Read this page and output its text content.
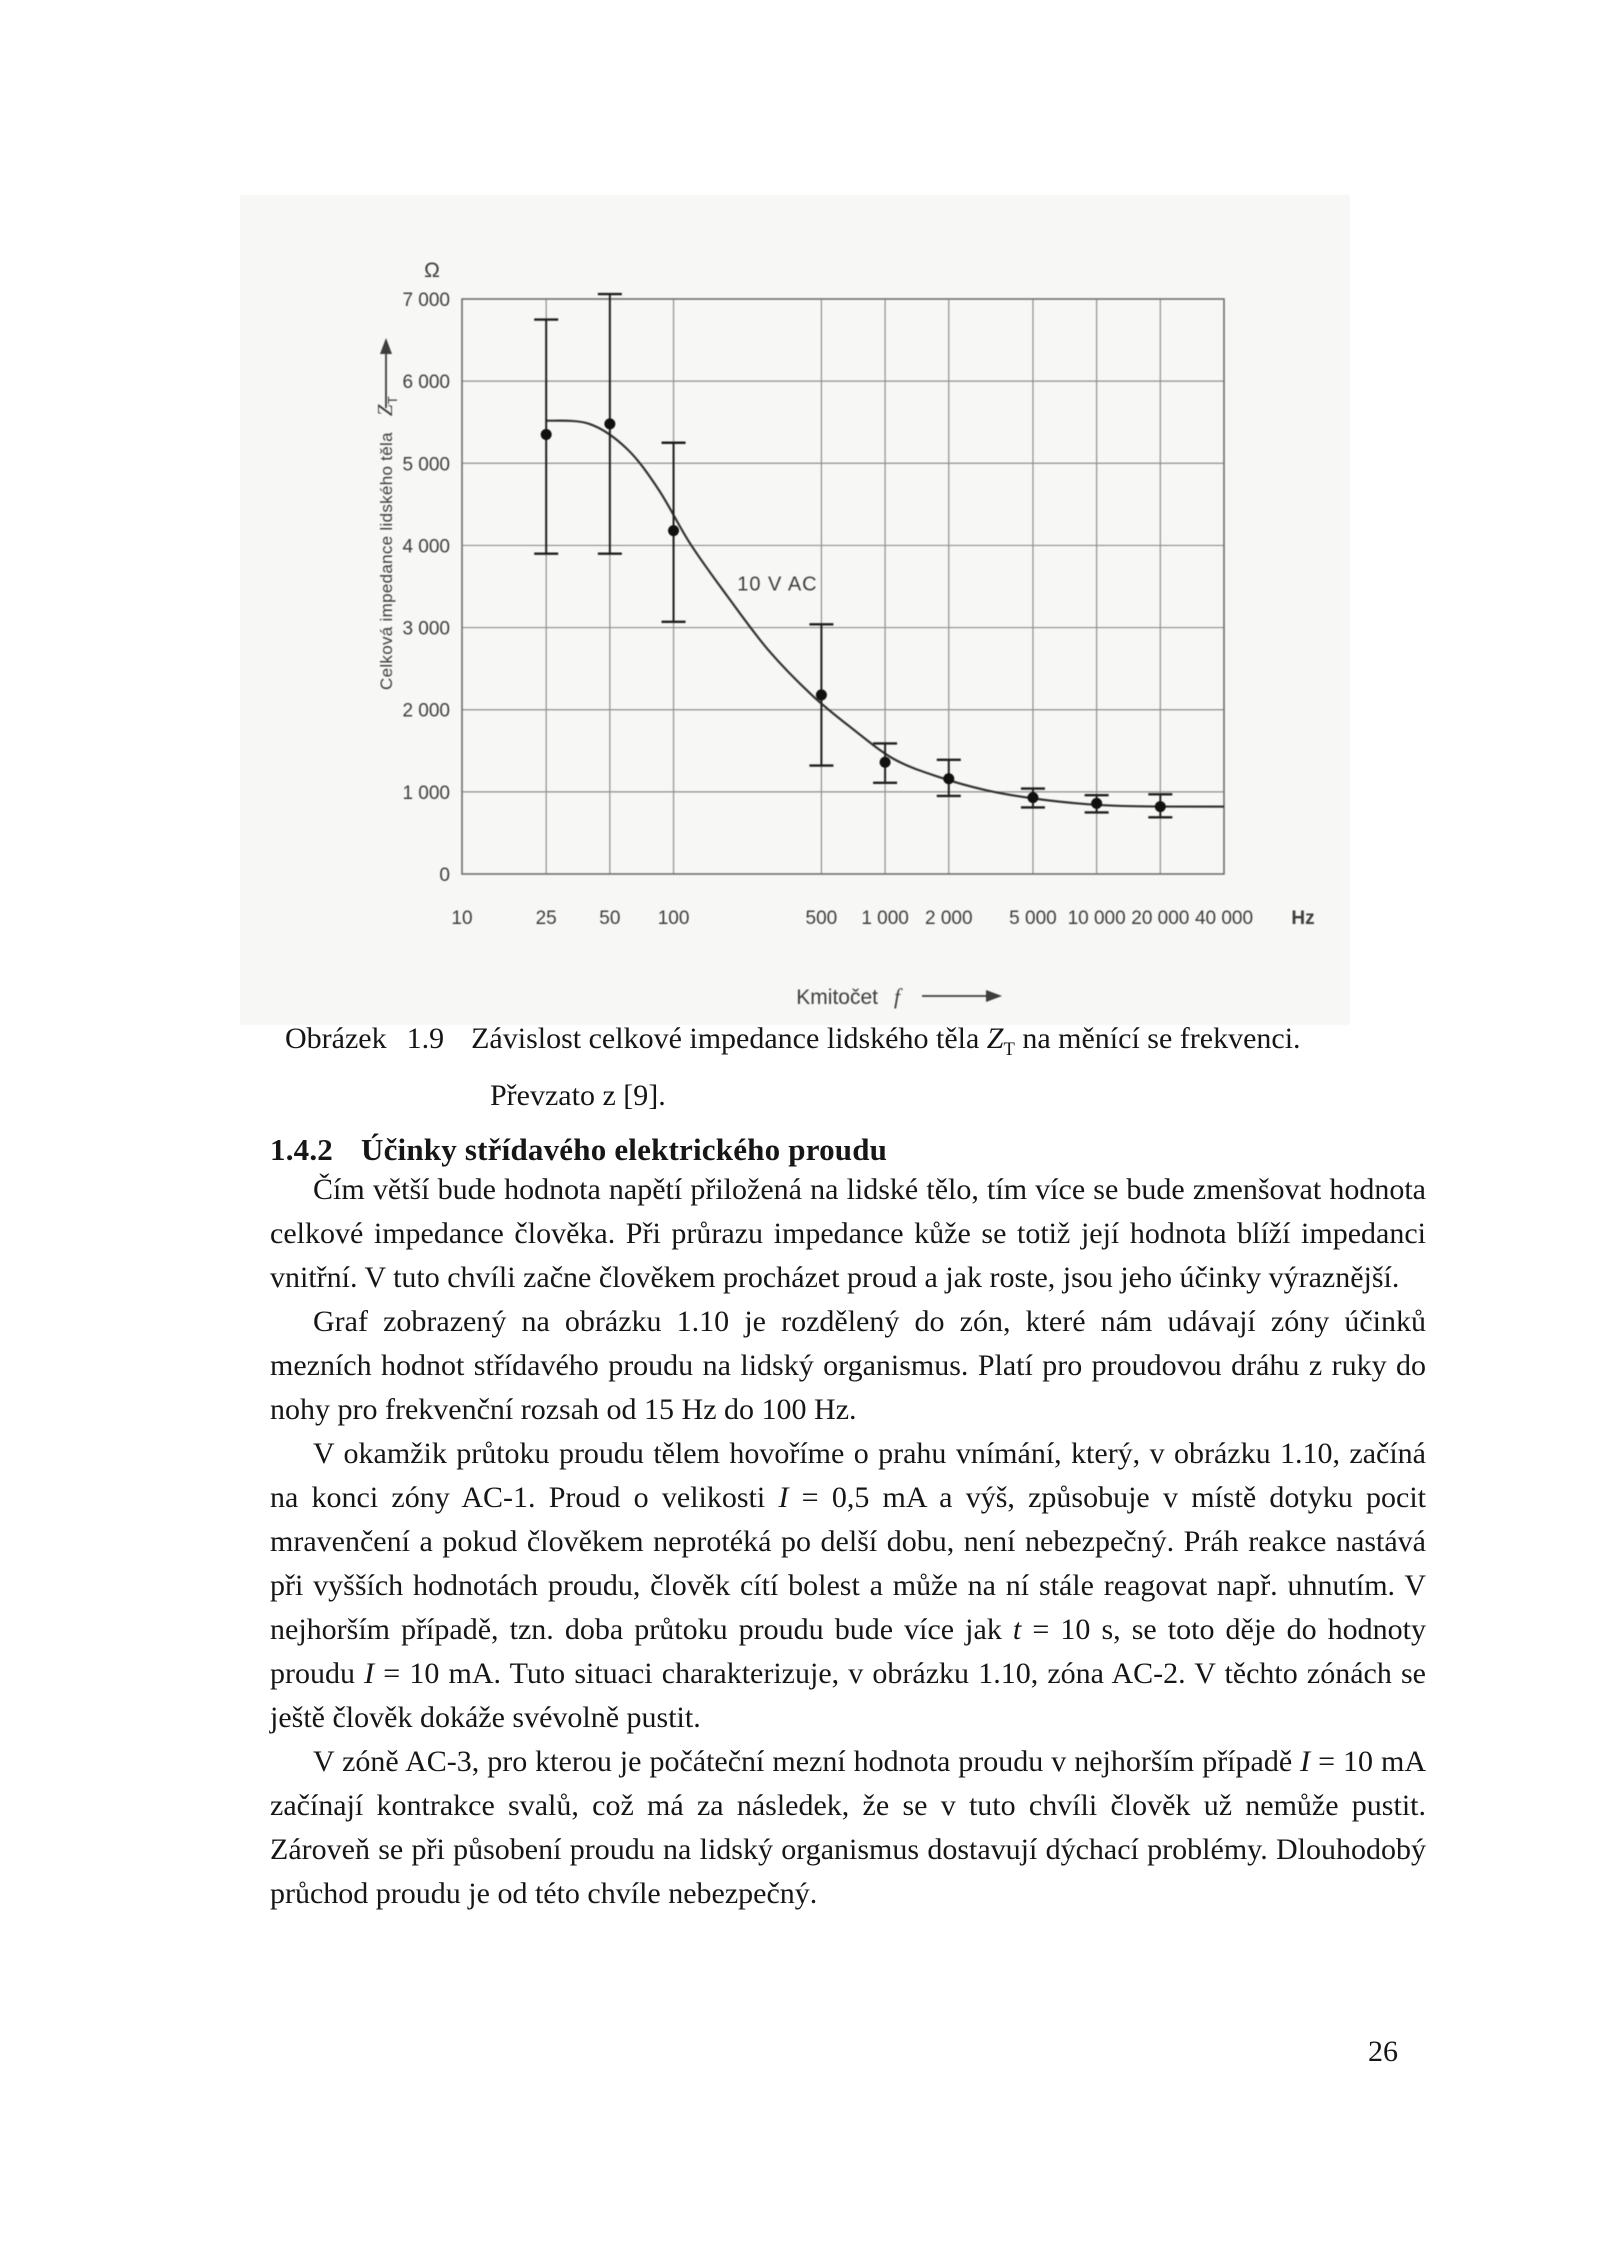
0
1 000
2 000
3 000
4 000
5 000
6 000
7 000
10	25 50 100	500 1 000 2 000 5 000 10 000 20 000 40 000
Ω
Hz
Kmitočet f
Celková impedance lidského tělaZ$_T$
10 V AC
Obrázek 1.9 Závislost celkové impedance lidského těla $Z_T$ na měnící se frekvenci.
Převzato z [9].
1.4.2 Účinky střídavého elektrického proudu

Čím větší bude hodnota napětí přiložená na lidské tělo, tím více se bude zmenšovat hodnota celkové impedance člověka. Při průrazu impedance kůže se totiž její hodnota blíží impedanci vnitřní. V tuto chvíli začne člověkem procházet proud a jak roste, jsou jeho účinky výraznější.

Graf zobrazený na obrázku 1.10 je rozdělený do zón, které nám udávají zóny účinků mezních hodnot střídavého proudu na lidský organismus. Platí pro proudovou dráhu z ruky do nohy pro frekvenční rozsah od 15 Hz do 100 Hz.

V okamžik průtoku proudu tělem hovoříme o prahu vnímání, který, v obrázku 1.10, začíná na konci zóny AC-1. Proud o velikosti I = 0,5 mA a výš, způsobuje v místě dotyku pocit mravenčení a pokud člověkem neprotéká po delší dobu, není nebezpečný. Práh reakce nastává při vyšších hodnotách proudu, člověk cítí bolest a může na ní stále reagovat např. uhnutím. V nejhorším případě, tzn. doba průtoku proudu bude více jak t = 10 s, se toto děje do hodnoty proudu I = 10 mA. Tuto situaci charakterizuje, v obrázku 1.10, zóna AC-2. V těchto zónách se ještě člověk dokáže svévolně pustit.

V zóně AC-3, pro kterou je počáteční mezní hodnota proudu v nejhorším případě I = 10 mA začínají kontrakce svalů, což má za následek, že se v tuto chvíli člověk už nemůže pustit. Zároveň se při působení proudu na lidský organismus dostavují dýchací problémy. Dlouhodobý průchod proudu je od této chvíle nebezpečný.

26
